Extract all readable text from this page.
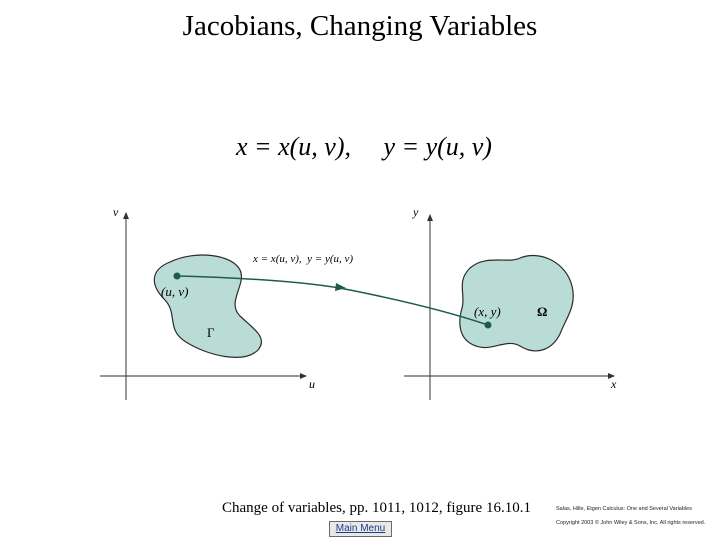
Jacobians, Changing Variables
x = x(u, v), y = y(u, v)
v
u
y
x
x = x(u, v),  y = y(u, v)
(u, v)
(x, y)
Γ
Ω
Change of variables, pp. 1011, 1012, figure 16.10.1
Main Menu
Salas, Hille, Etgen Calculus: One and Several Variables
Copyright 2003 © John Wiley & Sons, Inc. All rights reserved.
